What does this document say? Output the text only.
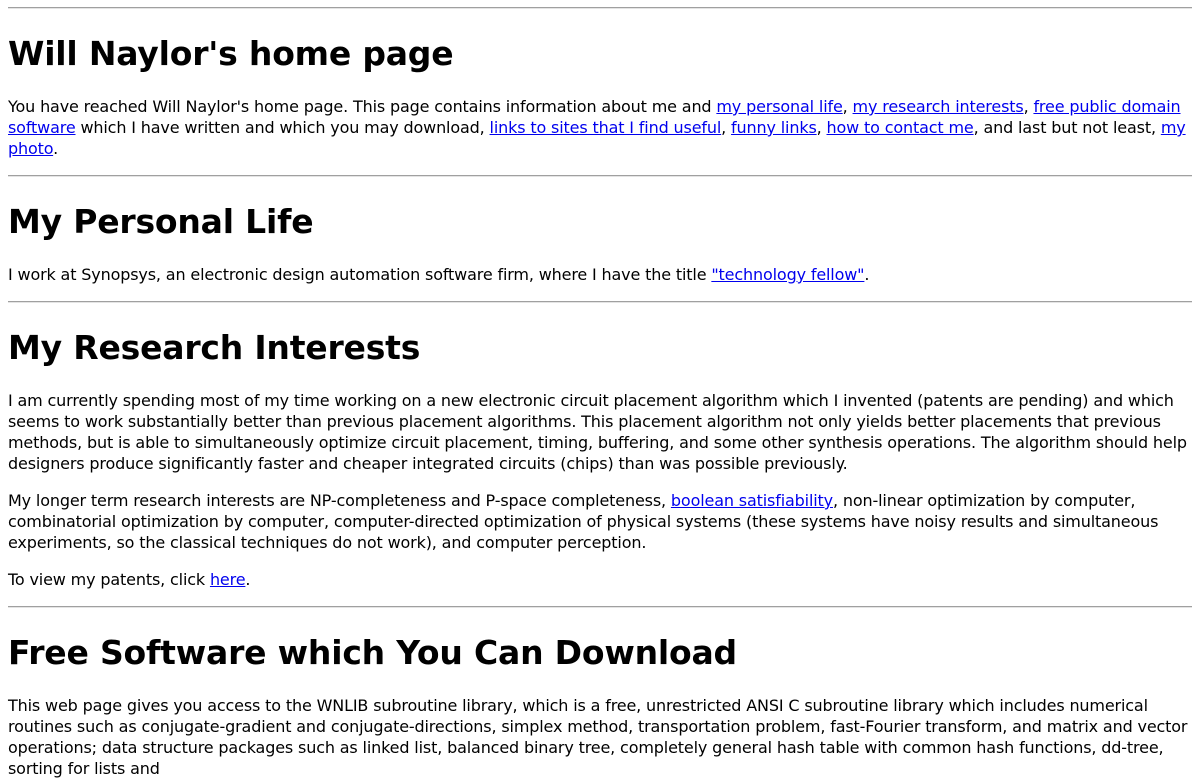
Will Naylor's home page

You have reached Will Naylor's home page. This page contains information about me and my personal life, my research interests, free public domain software which I have written and which you may download, links to sites that I find useful, funny links, how to contact me, and last but not least, my photo.

My Personal Life

I work at Synopsys, an electronic design automation software firm, where I have the title "technology fellow".

My Research Interests

I am currently spending most of my time working on a new electronic circuit placement algorithm which I invented (patents are pending) and which seems to work substantially better than previous placement algorithms. This placement algorithm not only yields better placements that previous methods, but is able to simultaneously optimize circuit placement, timing, buffering, and some other synthesis operations. The algorithm should help designers produce significantly faster and cheaper integrated circuits (chips) than was possible previously.

My longer term research interests are NP-completeness and P-space completeness, boolean satisfiability, non-linear optimization by computer, combinatorial optimization by computer, computer-directed optimization of physical systems (these systems have noisy results and simultaneous experiments, so the classical techniques do not work), and computer perception.

To view my patents, click here.

Free Software which You Can Download

This web page gives you access to the WNLIB subroutine library, which is a free, unrestricted ANSI C subroutine library which includes numerical routines such as conjugate-gradient and conjugate-directions, simplex method, transportation problem, fast-Fourier transform, and matrix and vector operations; data structure packages such as linked list, balanced binary tree, completely general hash table with common hash functions, dd-tree, sorting for lists and
